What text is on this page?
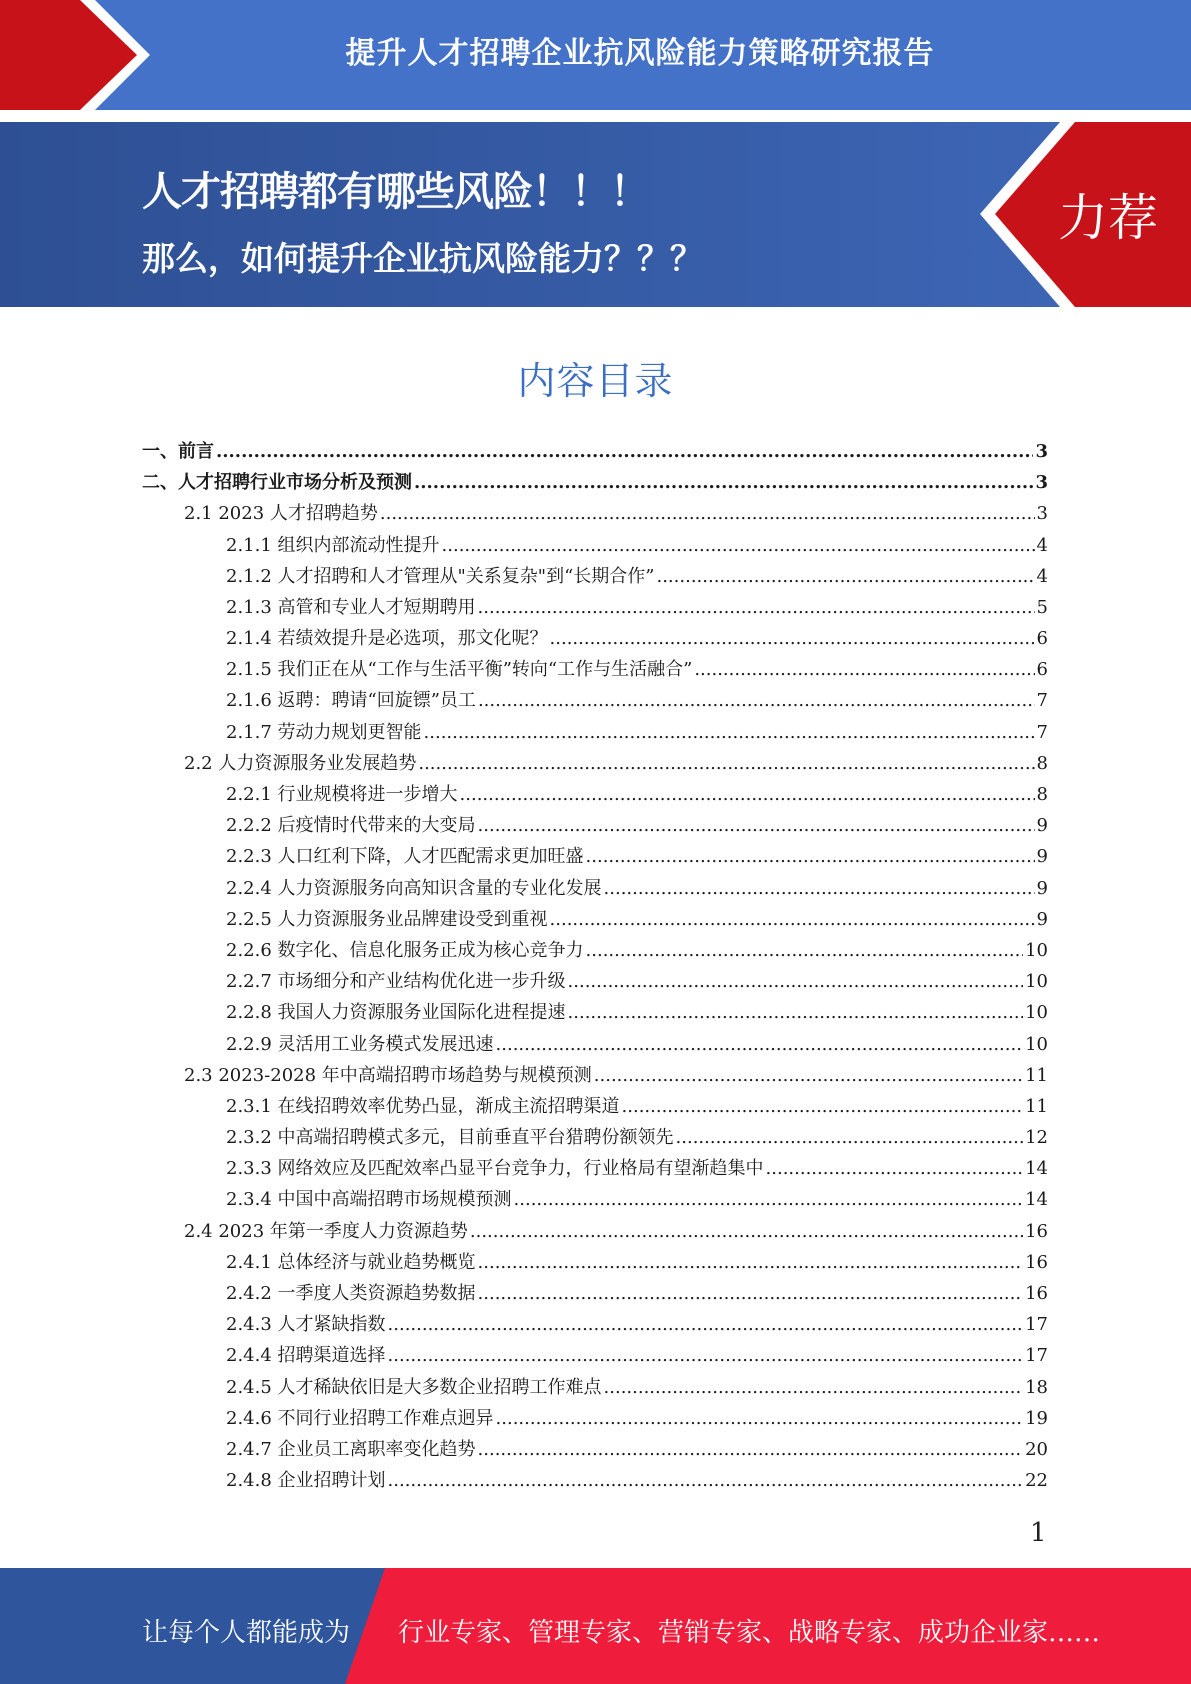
提升人才招聘企业抗风险能力策略研究报告
人才招聘都有哪些风险！！！
那么，如何提升企业抗风险能力？？？
力荐
内容目录
一、前言 .....	3
二、人才招聘行业市场分析及预测 .....	3
2.1 2023 人才招聘趋势 .....	3
2.1.1 组织内部流动性提升 .....	4
2.1.2 人才招聘和人才管理从"关系复杂"到“长期合作” .....	4
2.1.3 高管和专业人才短期聘用 .....	5
2.1.4 若绩效提升是必选项，那文化呢？ .....	6
2.1.5 我们正在从“工作与生活平衡”转向“工作与生活融合” .....	6
2.1.6 返聘：聘请“回旋镖”员工 .....	7
2.1.7 劳动力规划更智能 .....	7
2.2 人力资源服务业发展趋势 .....	8
2.2.1 行业规模将进一步增大 .....	8
2.2.2 后疫情时代带来的大变局 .....	9
2.2.3 人口红利下降，人才匹配需求更加旺盛 .....	9
2.2.4 人力资源服务向高知识含量的专业化发展 .....	9
2.2.5 人力资源服务业品牌建设受到重视 .....	9
2.2.6 数字化、信息化服务正成为核心竞争力 .....	10
2.2.7 市场细分和产业结构优化进一步升级 .....	10
2.2.8 我国人力资源服务业国际化进程提速 .....	10
2.2.9 灵活用工业务模式发展迅速 .....	10
2.3 2023-2028 年中高端招聘市场趋势与规模预测 .....	11
2.3.1 在线招聘效率优势凸显，渐成主流招聘渠道 .....	11
2.3.2 中高端招聘模式多元，目前垂直平台猎聘份额领先 .....	12
2.3.3 网络效应及匹配效率凸显平台竞争力，行业格局有望渐趋集中 .....	14
2.3.4 中国中高端招聘市场规模预测 .....	14
2.4 2023 年第一季度人力资源趋势 .....	16
2.4.1 总体经济与就业趋势概览 .....	16
2.4.2 一季度人类资源趋势数据 .....	16
2.4.3 人才紧缺指数 .....	17
2.4.4 招聘渠道选择 .....	17
2.4.5 人才稀缺依旧是大多数企业招聘工作难点 .....	18
2.4.6 不同行业招聘工作难点迥异 .....	19
2.4.7 企业员工离职率变化趋势 .....	20
2.4.8 企业招聘计划 .....	22
1
让每个人都能成为 行业专家、管理专家、营销专家、战略专家、成功企业家……
